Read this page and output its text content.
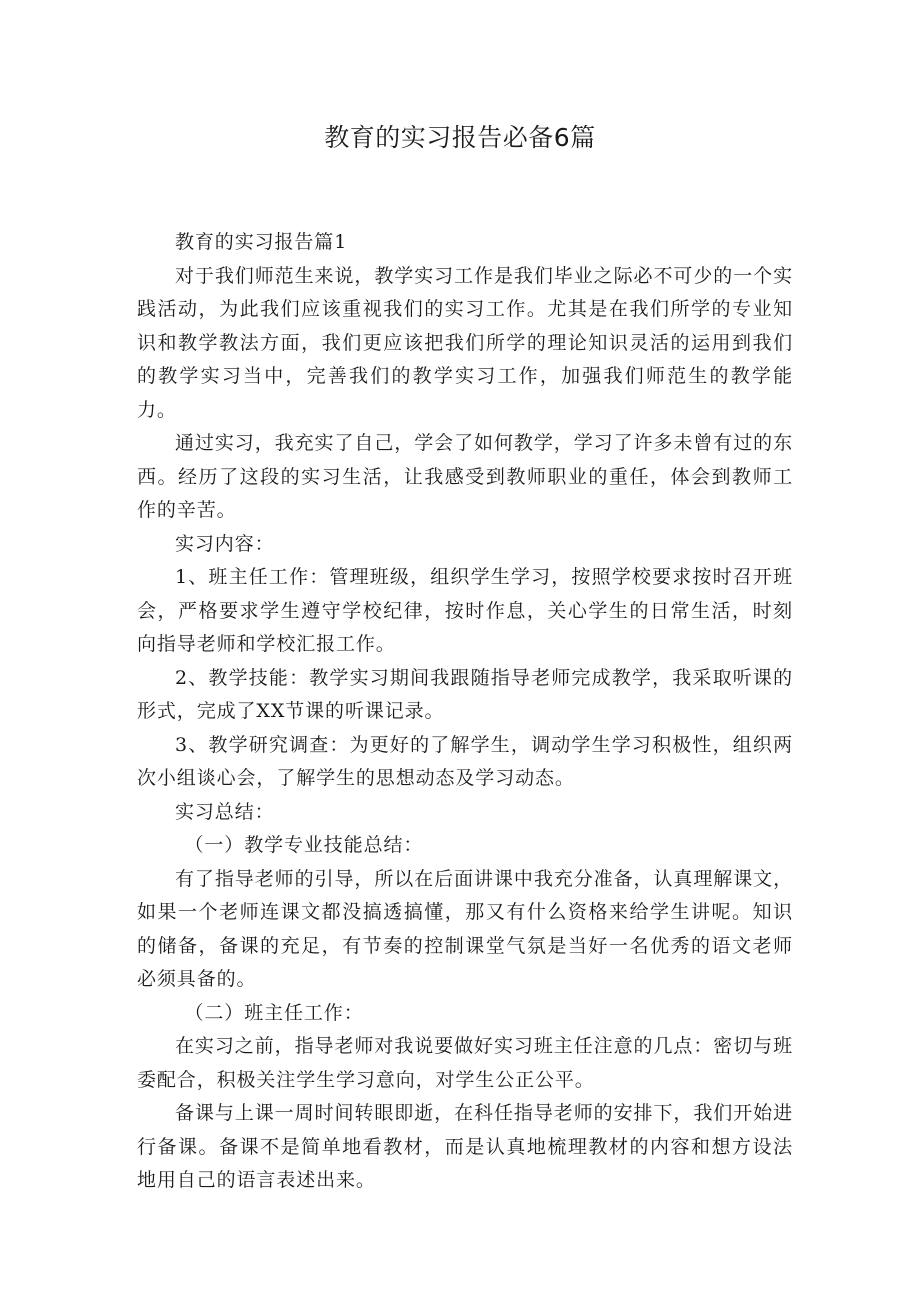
教育的实习报告必备6篇

教育的实习报告篇1

对于我们师范生来说，教学实习工作是我们毕业之际必不可少的一个实践活动，为此我们应该重视我们的实习工作。尤其是在我们所学的专业知识和教学教法方面，我们更应该把我们所学的理论知识灵活的运用到我们的教学实习当中，完善我们的教学实习工作，加强我们师范生的教学能力。

通过实习，我充实了自己，学会了如何教学，学习了许多未曾有过的东西。经历了这段的实习生活，让我感受到教师职业的重任，体会到教师工作的辛苦。

实习内容：

1、班主任工作：管理班级，组织学生学习，按照学校要求按时召开班会，严格要求学生遵守学校纪律，按时作息，关心学生的日常生活，时刻向指导老师和学校汇报工作。

2、教学技能：教学实习期间我跟随指导老师完成教学，我采取听课的形式，完成了XX节课的听课记录。

3、教学研究调查：为更好的了解学生，调动学生学习积极性，组织两次小组谈心会，了解学生的思想动态及学习动态。

实习总结：

（一）教学专业技能总结：

有了指导老师的引导，所以在后面讲课中我充分准备，认真理解课文，如果一个老师连课文都没搞透搞懂，那又有什么资格来给学生讲呢。知识的储备，备课的充足，有节奏的控制课堂气氛是当好一名优秀的语文老师必须具备的。

（二）班主任工作：

在实习之前，指导老师对我说要做好实习班主任注意的几点：密切与班委配合，积极关注学生学习意向，对学生公正公平。

备课与上课一周时间转眼即逝，在科任指导老师的安排下，我们开始进行备课。备课不是简单地看教材，而是认真地梳理教材的内容和想方设法地用自己的语言表述出来。
